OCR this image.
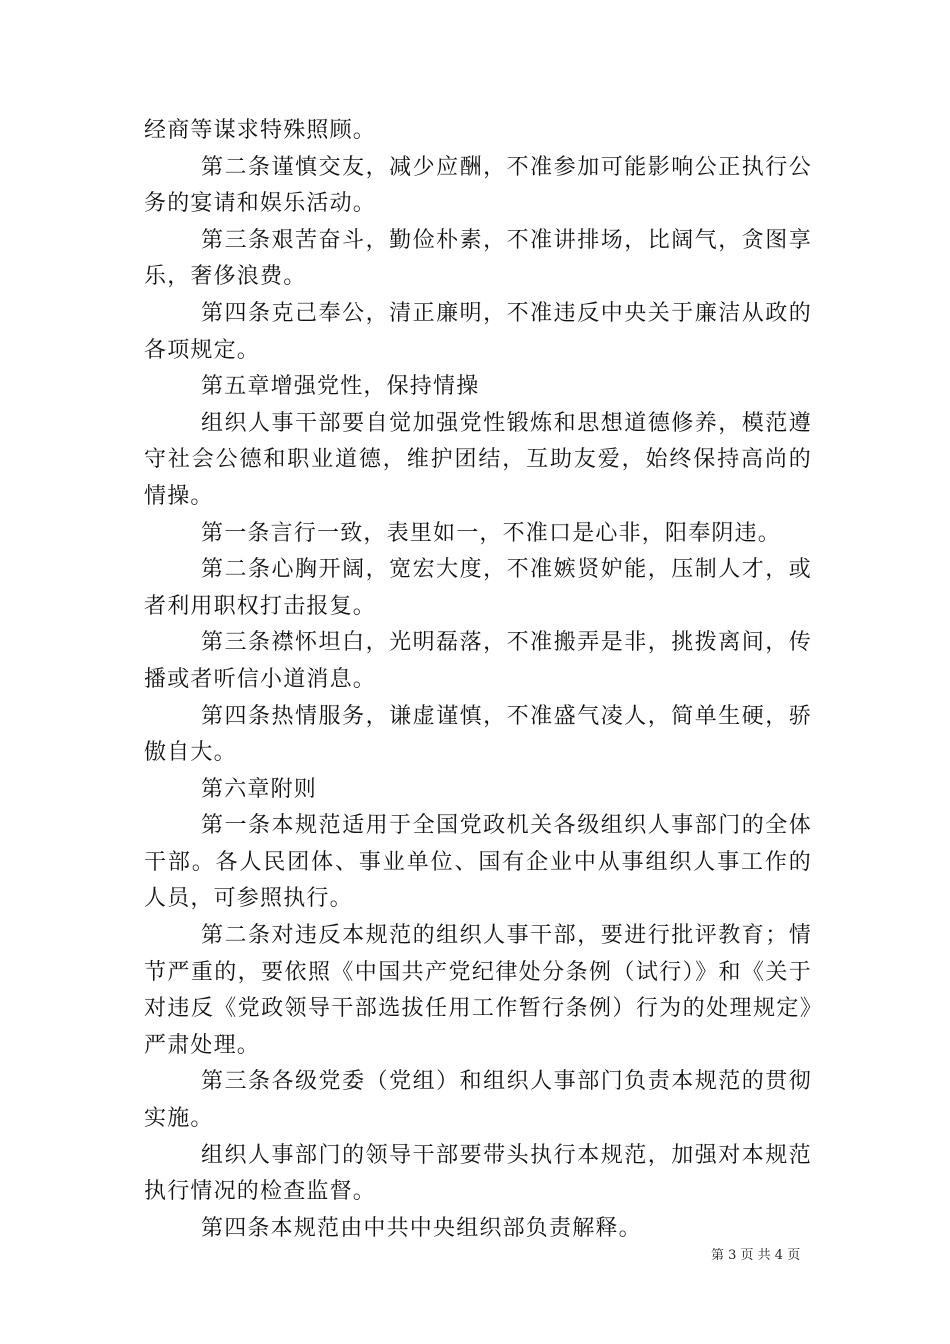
经商等谋求特殊照顾。

第二条谨慎交友，减少应酬，不准参加可能影响公正执行公务的宴请和娱乐活动。

第三条艰苦奋斗，勤俭朴素，不准讲排场，比阔气，贪图享乐，奢侈浪费。

第四条克己奉公，清正廉明，不准违反中央关于廉洁从政的各项规定。

第五章增强党性，保持情操

组织人事干部要自觉加强党性锻炼和思想道德修养，模范遵守社会公德和职业道德，维护团结，互助友爱，始终保持高尚的情操。

第一条言行一致，表里如一，不准口是心非，阳奉阴违。

第二条心胸开阔，宽宏大度，不准嫉贤妒能，压制人才，或者利用职权打击报复。

第三条襟怀坦白，光明磊落，不准搬弄是非，挑拨离间，传播或者听信小道消息。

第四条热情服务，谦虚谨慎，不准盛气凌人，简单生硬，骄傲自大。

第六章附则

第一条本规范适用于全国党政机关各级组织人事部门的全体干部。各人民团体、事业单位、国有企业中从事组织人事工作的人员，可参照执行。

第二条对违反本规范的组织人事干部，要进行批评教育；情节严重的，要依照《中国共产党纪律处分条例（试行）》和《关于对违反《党政领导干部选拔任用工作暂行条例）行为的处理规定》严肃处理。

第三条各级党委（党组）和组织人事部门负责本规范的贯彻实施。

组织人事部门的领导干部要带头执行本规范，加强对本规范执行情况的检查监督。

第四条本规范由中共中央组织部负责解释。

第 3 页 共 4 页
